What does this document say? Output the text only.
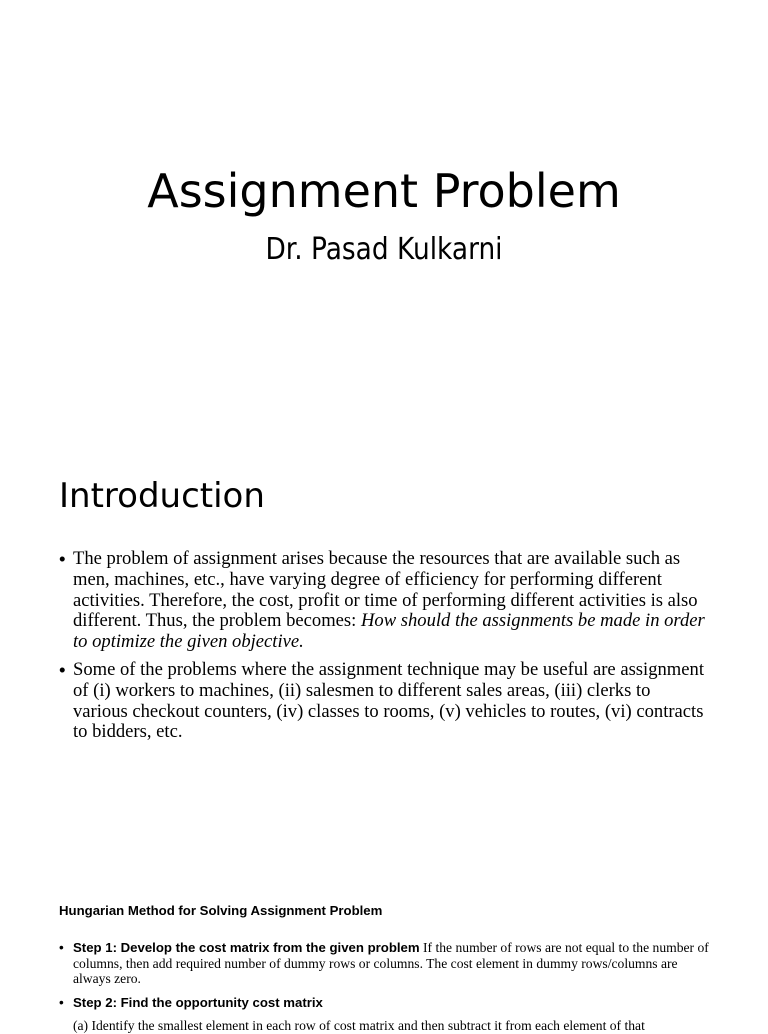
Assignment Problem
Dr. Pasad Kulkarni
Introduction
• The problem of assignment arises because the resources that are available such as men, machines, etc., have varying degree of efficiency for performing different activities. Therefore, the cost, profit or time of performing different activities is also different. Thus, the problem becomes: How should the assignments be made in order to optimize the given objective.
• Some of the problems where the assignment technique may be useful are assignment of (i) workers to machines, (ii) salesmen to different sales areas, (iii) clerks to various checkout counters, (iv) classes to rooms, (v) vehicles to routes, (vi) contracts to bidders, etc.
Hungarian Method for Solving Assignment Problem
• Step 1: Develop the cost matrix from the given problem If the number of rows are not equal to the number of columns, then add required number of dummy rows or columns. The cost element in dummy rows/columns are always zero.
• Step 2: Find the opportunity cost matrix
(a) Identify the smallest element in each row of cost matrix and then subtract it from each element of that
